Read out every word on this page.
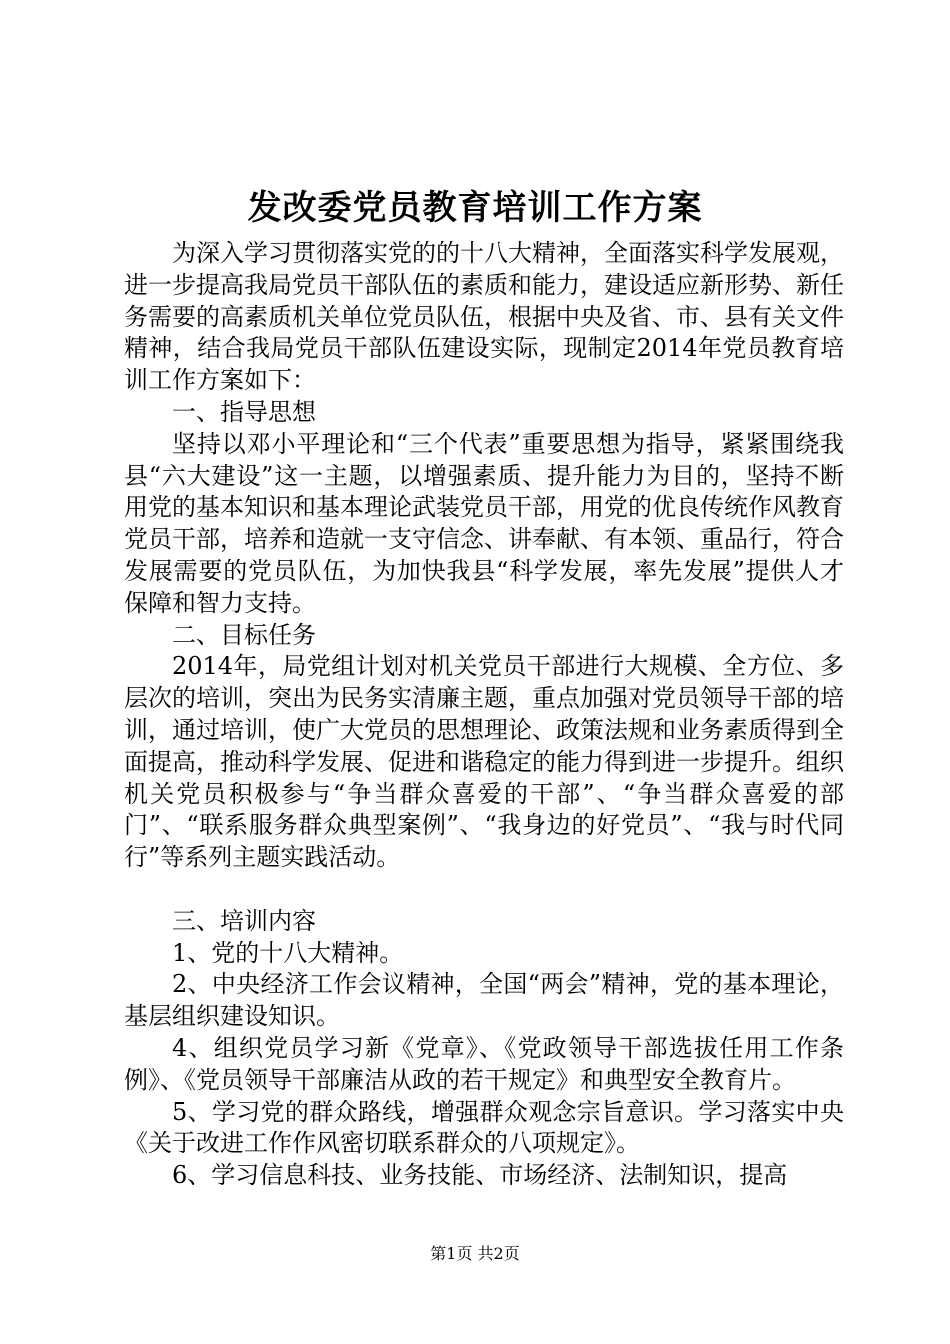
发改委党员教育培训工作方案

为深入学习贯彻落实党的的十八大精神，全面落实科学发展观，进一步提高我局党员干部队伍的素质和能力，建设适应新形势、新任务需要的高素质机关单位党员队伍，根据中央及省、市、县有关文件精神，结合我局党员干部队伍建设实际，现制定2014年党员教育培训工作方案如下：

一、指导思想

坚持以邓小平理论和“三个代表”重要思想为指导，紧紧围绕我县“六大建设”这一主题，以增强素质、提升能力为目的，坚持不断用党的基本知识和基本理论武装党员干部，用党的优良传统作风教育党员干部，培养和造就一支守信念、讲奉献、有本领、重品行，符合发展需要的党员队伍，为加快我县“科学发展，率先发展”提供人才保障和智力支持。

二、目标任务

2014年，局党组计划对机关党员干部进行大规模、全方位、多层次的培训，突出为民务实清廉主题，重点加强对党员领导干部的培训，通过培训，使广大党员的思想理论、政策法规和业务素质得到全面提高，推动科学发展、促进和谐稳定的能力得到进一步提升。组织机关党员积极参与“争当群众喜爱的干部”、“争当群众喜爱的部门”、“联系服务群众典型案例”、“我身边的好党员”、“我与时代同行”等系列主题实践活动。

三、培训内容

1、党的十八大精神。

2、中央经济工作会议精神，全国“两会”精神，党的基本理论，基层组织建设知识。

4、组织党员学习新《党章》、《党政领导干部选拔任用工作条例》、《党员领导干部廉洁从政的若干规定》和典型安全教育片。

5、学习党的群众路线，增强群众观念宗旨意识。学习落实中央《关于改进工作作风密切联系群众的八项规定》。

6、学习信息科技、业务技能、市场经济、法制知识，提高

第1页 共2页
